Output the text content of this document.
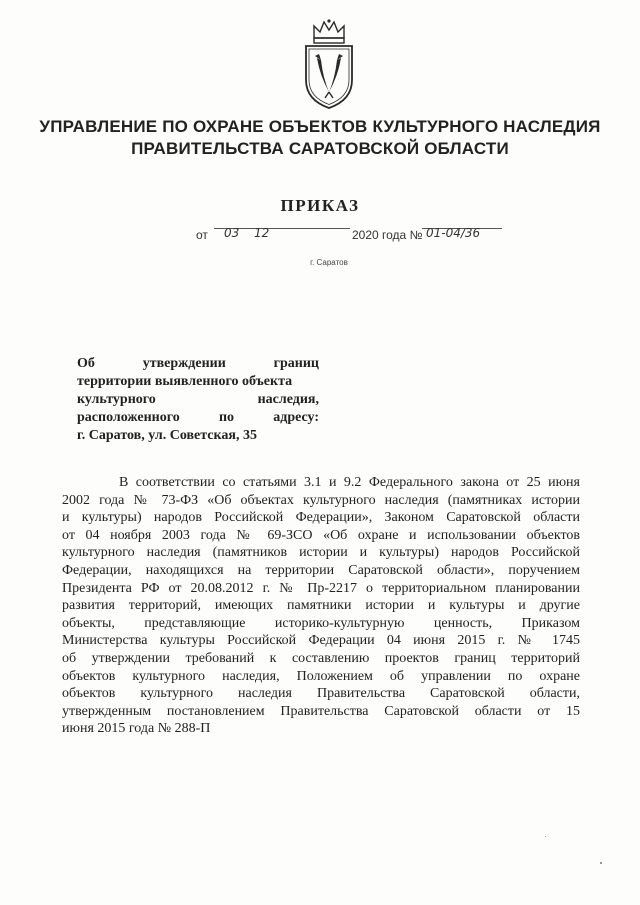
УПРАВЛЕНИЕ ПО ОХРАНЕ ОБЪЕКТОВ КУЛЬТУРНОГО НАСЛЕДИЯ
ПРАВИТЕЛЬСТВА САРАТОВСКОЙ ОБЛАСТИ
ПРИКАЗ
от 03 12	2020 года № 01-04/36
г. Саратов
Об	утверждении	границ
территории выявленного объекта
культурного	наследия,
расположенного	по	адресу:
г. Саратов, ул. Советская, 35
В соответствии со статьями 3.1 и 9.2 Федерального закона от 25 июня
2002 года № 73-ФЗ «Об объектах культурного наследия (памятниках истории
и культуры) народов Российской Федерации», Законом Саратовской области
от 04 ноября 2003 года № 69-ЗСО «Об охране и использовании объектов
культурного наследия (памятников истории и культуры) народов Российской
Федерации, находящихся на территории Саратовской области», поручением
Президента РФ от 20.08.2012 г. № Пр-2217 о территориальном планировании
развития территорий, имеющих памятники истории и культуры и другие
объекты, представляющие историко-культурную ценность, Приказом
Министерства культуры Российской Федерации 04 июня 2015 г. № 1745
об утверждении требований к составлению проектов границ территорий
объектов культурного наследия, Положением об управлении по охране
объектов культурного наследия Правительства Саратовской области,
утвержденным постановлением Правительства Саратовской области от 15
июня 2015 года № 288-П
